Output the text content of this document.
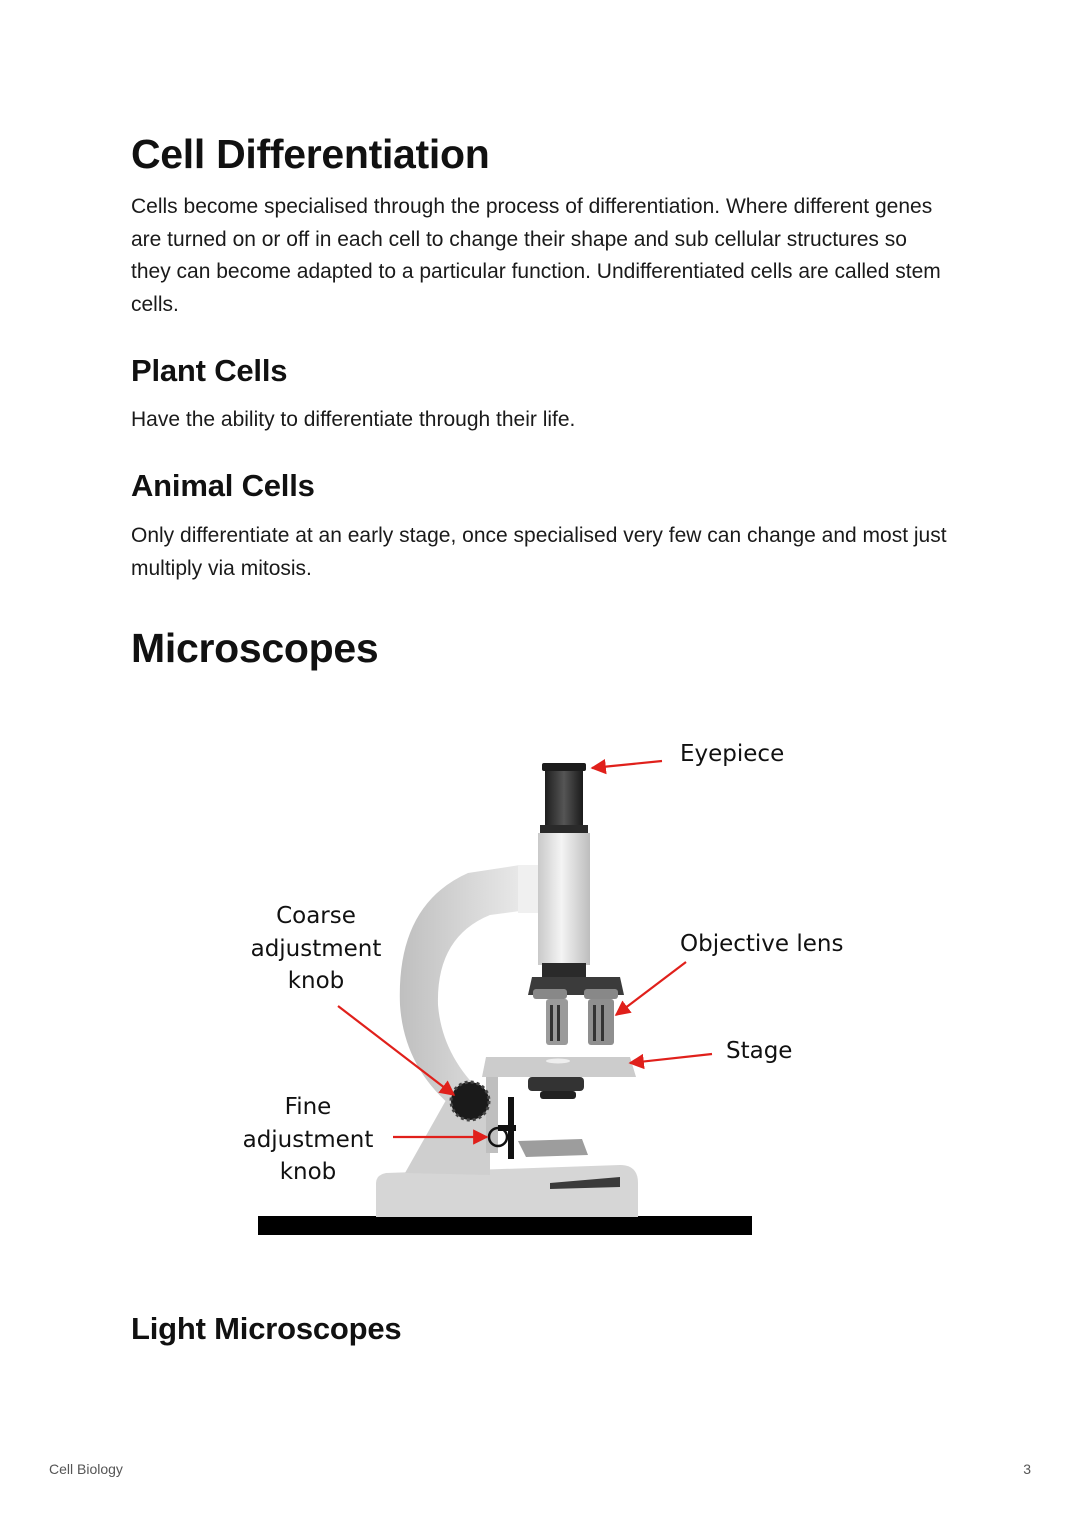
Cell Differentiation

Cells become specialised through the process of differentiation. Where different genes are turned on or off in each cell to change their shape and sub cellular structures so they can become adapted to a particular function. Undifferentiated cells are called stem cells.

Plant Cells

Have the ability to differentiate through their life.

Animal Cells

Only differentiate at an early stage, once specialised very few can change and most just multiply via mitosis.

Microscopes
Eyepiece
Objective lens
Stage
Coarse
adjustment
knob
Fine
adjustment
knob
Light Microscopes
Cell Biology	3
